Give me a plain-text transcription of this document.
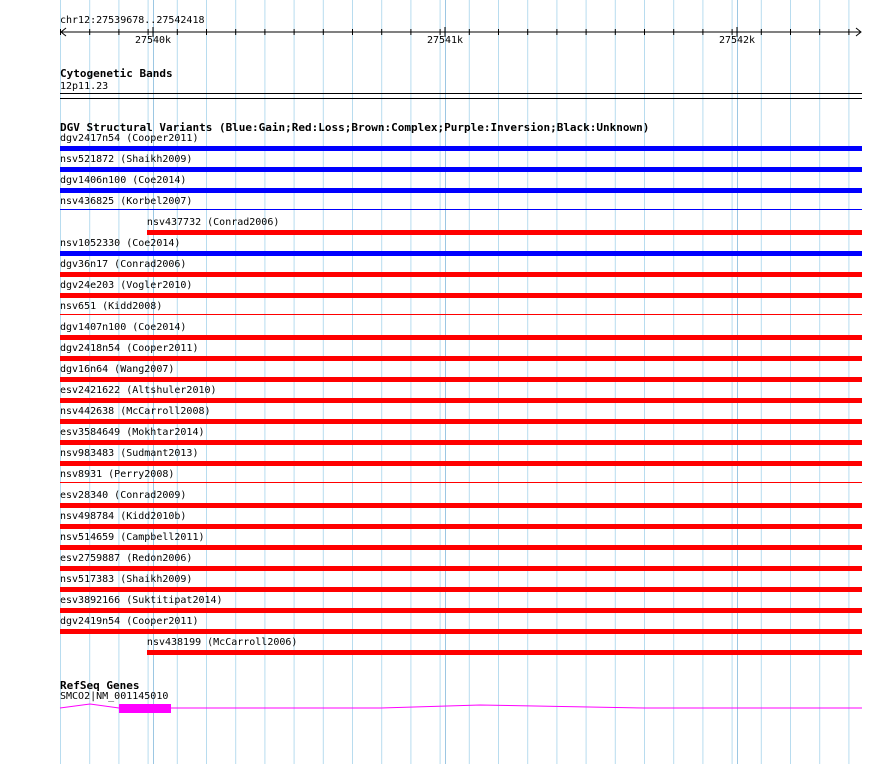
chr12:27539678..27542418
27540k	27541k	27542k
Cytogenetic Bands
12p11.23
DGV Structural Variants (Blue:Gain;Red:Loss;Brown:Complex;Purple:Inversion;Black:Unknown)
dgv2417n54 (Cooper2011)
nsv521872 (Shaikh2009)
dgv1406n100 (Coe2014)
nsv436825 (Korbel2007)
nsv437732 (Conrad2006)
nsv1052330 (Coe2014)
dgv36n17 (Conrad2006)
dgv24e203 (Vogler2010)
nsv651 (Kidd2008)
dgv1407n100 (Coe2014)
dgv2418n54 (Cooper2011)
dgv16n64 (Wang2007)
esv2421622 (Altshuler2010)
nsv442638 (McCarroll2008)
esv3584649 (Mokhtar2014)
nsv983483 (Sudmant2013)
nsv8931 (Perry2008)
esv28340 (Conrad2009)
nsv498784 (Kidd2010b)
nsv514659 (Campbell2011)
esv2759887 (Redon2006)
nsv517383 (Shaikh2009)
esv3892166 (Suktitipat2014)
dgv2419n54 (Cooper2011)
nsv438199 (McCarroll2006)
RefSeq Genes
SMCO2|NM_001145010
